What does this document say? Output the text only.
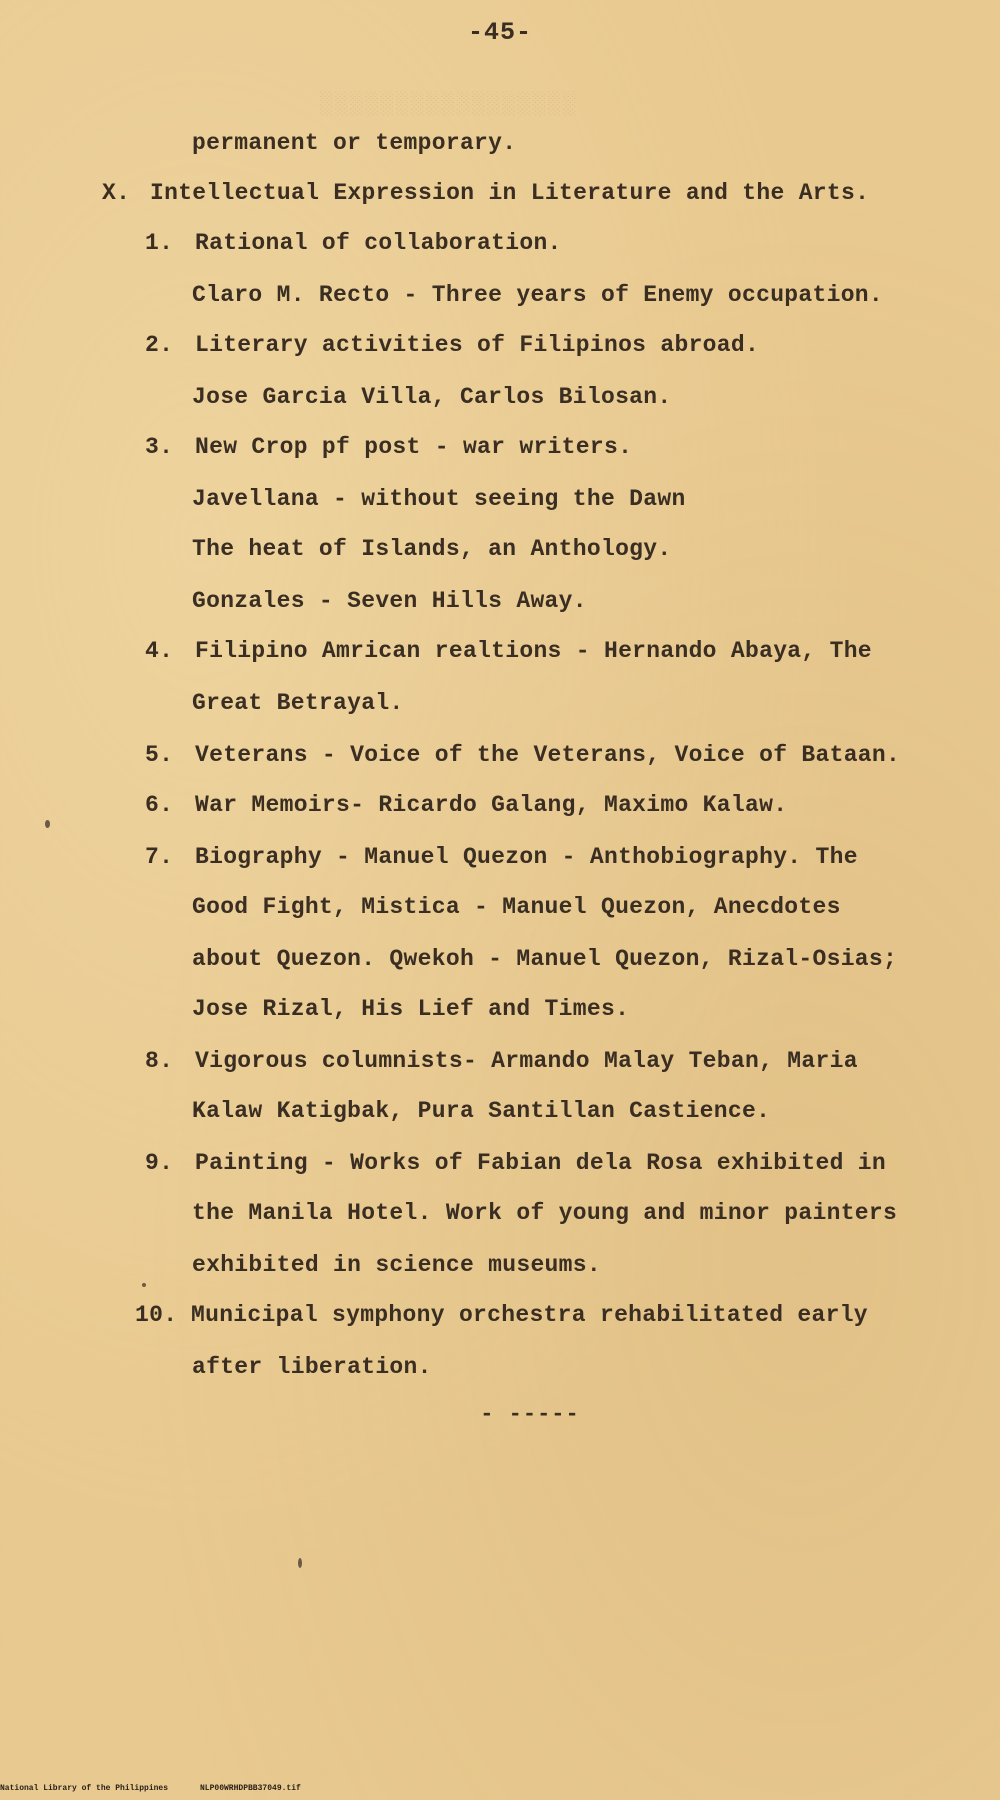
░░░░░░░░░░░░░░░░░
-45-
permanent or temporary.
X. Intellectual Expression in Literature and the Arts.
1. Rational of collaboration.
Claro M. Recto - Three years of Enemy occupation.
2. Literary activities of Filipinos abroad.
Jose Garcia Villa, Carlos Bilosan.
3. New Crop pf post - war writers.
Javellana - without seeing the Dawn
The heat of Islands, an Anthology.
Gonzales - Seven Hills Away.
4. Filipino Amrican realtions - Hernando Abaya, The
Great Betrayal.
5. Veterans - Voice of the Veterans, Voice of Bataan.
6. War Memoirs- Ricardo Galang, Maximo Kalaw.
7. Biography - Manuel Quezon - Anthobiography. The
Good Fight, Mistica - Manuel Quezon, Anecdotes
about Quezon. Qwekoh - Manuel Quezon, Rizal-Osias;
Jose Rizal, His Lief and Times.
8. Vigorous columnists- Armando Malay Teban, Maria
Kalaw Katigbak, Pura Santillan Castience.
9. Painting - Works of Fabian dela Rosa exhibited in
the Manila Hotel. Work of young and minor painters
exhibited in science museums.
10. Municipal symphony orchestra rehabilitated early
after liberation.
- -----
National Library of the Philippines	NLP00WRHDPBB37049.tif
